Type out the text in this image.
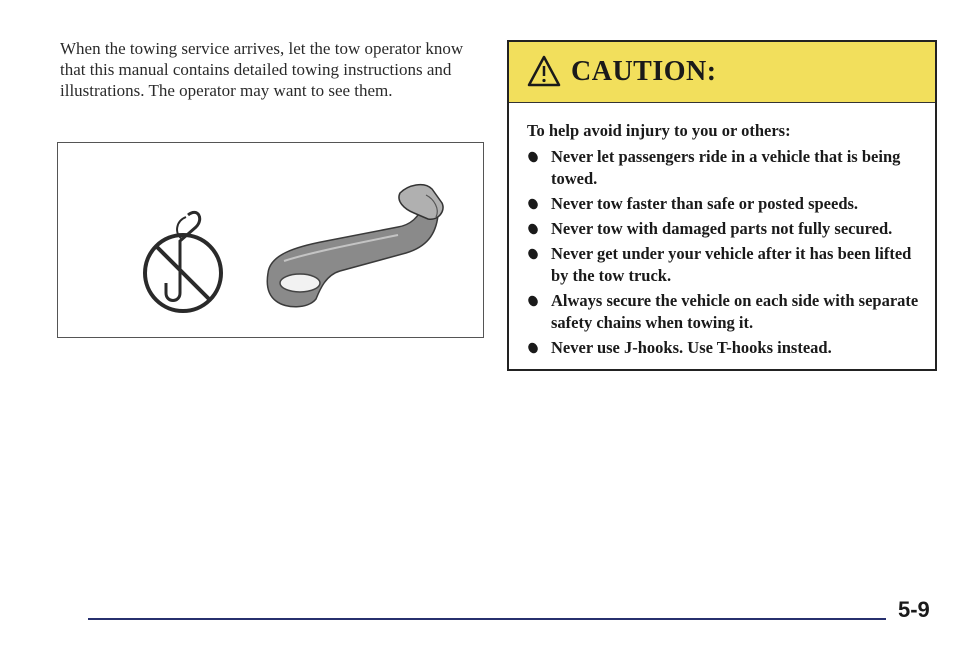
When the towing service arrives, let the tow operator know that this manual contains detailed towing instructions and illustrations. The operator may want to see them.

CAUTION:

To help avoid injury to you or others:

Never let passengers ride in a vehicle that is being towed.
Never tow faster than safe or posted speeds.
Never tow with damaged parts not fully secured.
Never get under your vehicle after it has been lifted by the tow truck.
Always secure the vehicle on each side with separate safety chains when towing it.
Never use J-hooks. Use T-hooks instead.
5-9
